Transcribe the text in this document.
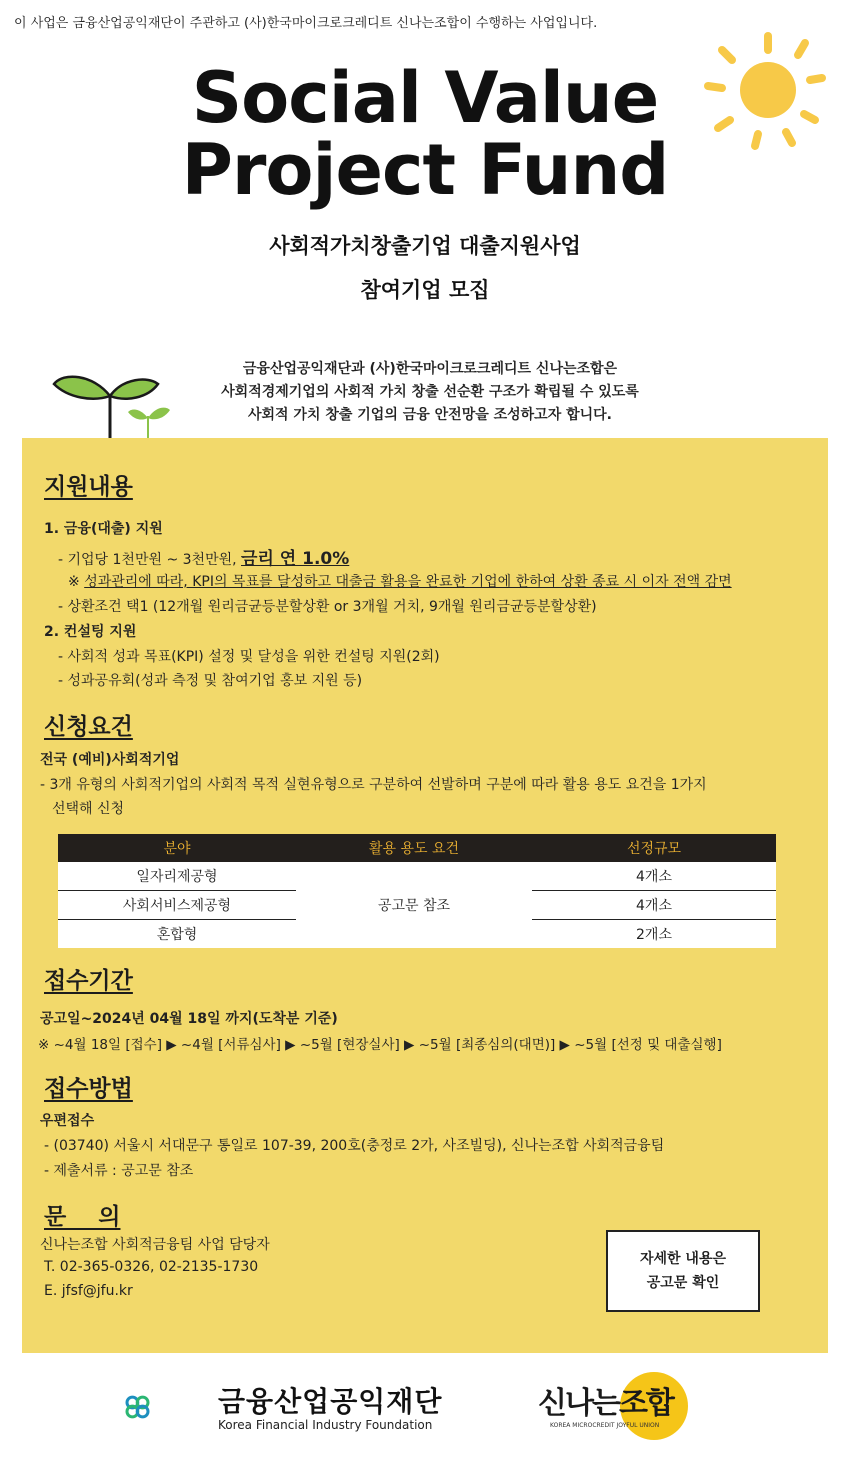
이 사업은 금융산업공익재단이 주관하고 (사)한국마이크로크레디트 신나는조합이 수행하는 사업입니다.
Social Value
Project Fund
사회적가치창출기업 대출지원사업
참여기업 모집
금융산업공익재단과 (사)한국마이크로크레디트 신나는조합은
사회적경제기업의 사회적 가치 창출 선순환 구조가 확립될 수 있도록
사회적 가치 창출 기업의 금융 안전망을 조성하고자 합니다.
지원내용
1. 금융(대출) 지원
- 기업당 1천만원 ~ 3천만원, 금리 연 1.0%
※ 성과관리에 따라, KPI의 목표를 달성하고 대출금 활용을 완료한 기업에 한하여 상환 종료 시 이자 전액 감면
- 상환조건 택1 (12개월 원리금균등분할상환 or 3개월 거치, 9개월 원리금균등분할상환)
2. 컨설팅 지원
- 사회적 성과 목표(KPI) 설정 및 달성을 위한 컨설팅 지원(2회)
- 성과공유회(성과 측정 및 참여기업 홍보 지원 등)
신청요건
전국 (예비)사회적기업
- 3개 유형의 사회적기업의 사회적 목적 실현유형으로 구분하여 선발하며 구분에 따라 활용 용도 요건을 1가지
선택해 신청
분야	활용 용도 요건	선정규모
일자리제공형	공고문 참조	4개소
사회서비스제공형		4개소
혼합형		2개소
접수기간
공고일~2024년 04월 18일 까지(도착분 기준)
※ ~4월 18일 [접수] ▶ ~4월 [서류심사] ▶ ~5월 [현장실사] ▶ ~5월 [최종심의(대면)] ▶ ~5월 [선정 및 대출실행]
접수방법
우편접수
- (03740) 서울시 서대문구 통일로 107-39, 200호(충정로 2가, 사조빌딩), 신나는조합 사회적금융팀
- 제출서류 : 공고문 참조
문    의
신나는조합 사회적금융팀 사업 담당자
T. 02-365-0326, 02-2135-1730
E. jfsf@jfu.kr
자세한 내용은
공고문 확인
금융산업공익재단
Korea Financial Industry Foundation
신나는조합
KOREA MICROCREDIT JOYFUL UNION
